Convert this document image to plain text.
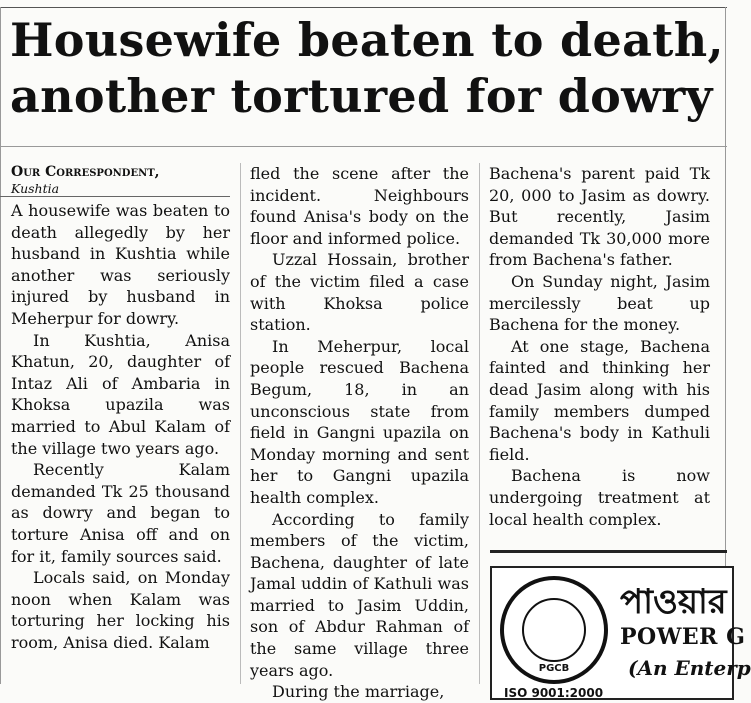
Housewife beaten to death,
another tortured for dowry

Our Correspondent,

Kushtia

A housewife was beaten to death allegedly by her husband in Kushtia while another was seriously injured by husband in Meherpur for dowry.

In Kushtia, Anisa Khatun, 20, daughter of Intaz Ali of Ambaria in Khoksa upazila was married to Abul Kalam of the village two years ago.

Recently Kalam demanded Tk 25 thousand as dowry and began to torture Anisa off and on for it, family sources said.

Locals said, on Monday noon when Kalam was torturing her locking his room, Anisa died. Kalam

fled the scene after the incident. Neighbours found Anisa's body on the floor and informed police.

Uzzal Hossain, brother of the victim filed a case with Khoksa police station.

In Meherpur, local people rescued Bachena Begum, 18, in an unconscious state from field in Gangni upazila on Monday morning and sent her to Gangni upazila health complex.

According to family members of the victim, Bachena, daughter of late Jamal uddin of Kathuli was married to Jasim Uddin, son of Abdur Rahman of the same village three years ago.

During the marriage,

Bachena's parent paid Tk 20, 000 to Jasim as dowry. But recently, Jasim demanded Tk 30,000 more from Bachena's father.

On Sunday night, Jasim mercilessly beat up Bachena for the money.

At one stage, Bachena fainted and thinking her dead Jasim along with his family members dumped Bachena's body in Kathuli field.

Bachena is now undergoing treatment at local health complex.

PGCB
পাওয়ার
POWER G
(An Enterp
ISO 9001:2000
